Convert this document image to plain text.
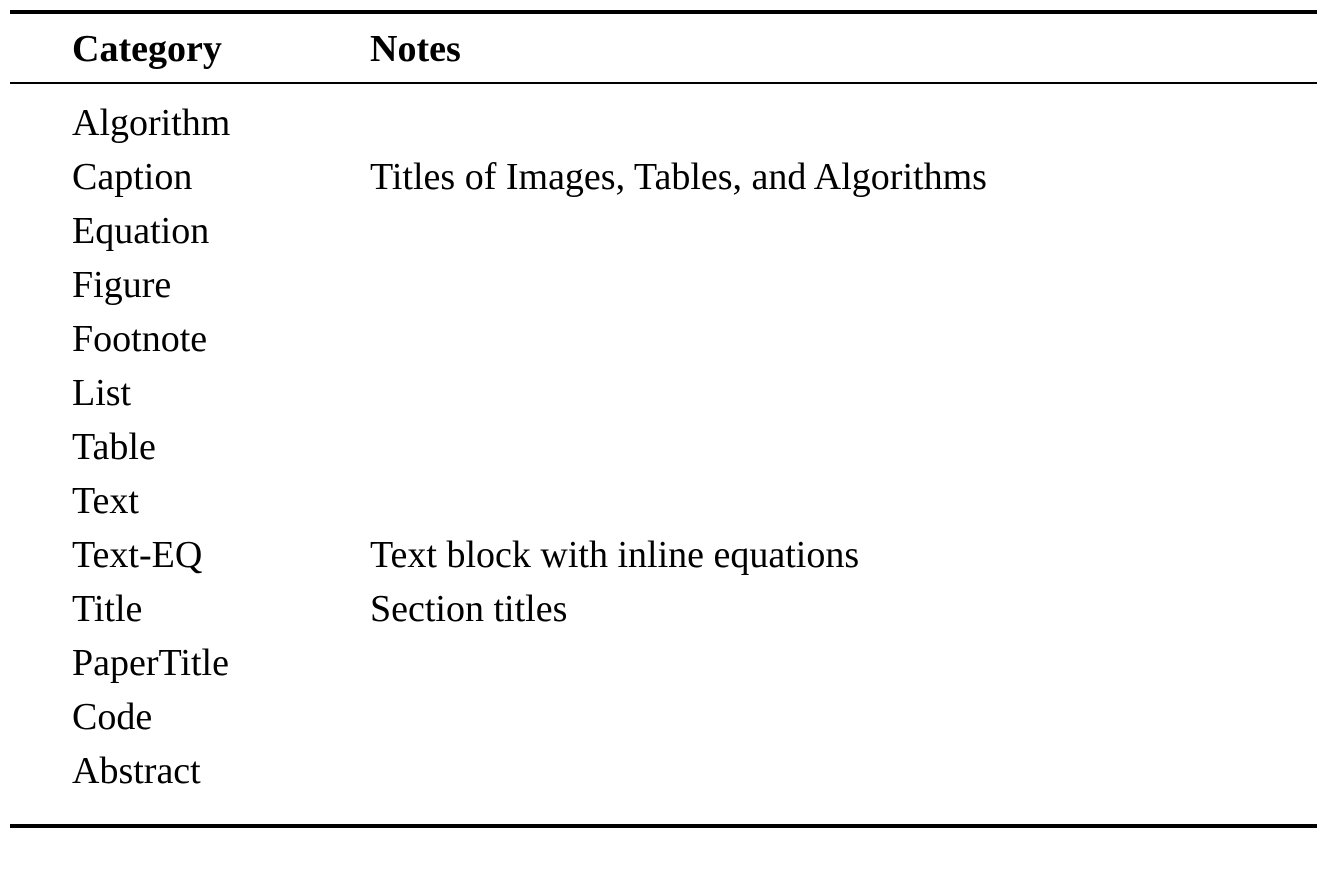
Category	Notes
Algorithm	
Caption	Titles of Images, Tables, and Algorithms
Equation	
Figure	
Footnote	
List	
Table	
Text	
Text-EQ	Text block with inline equations
Title	Section titles
PaperTitle	
Code	
Abstract	
